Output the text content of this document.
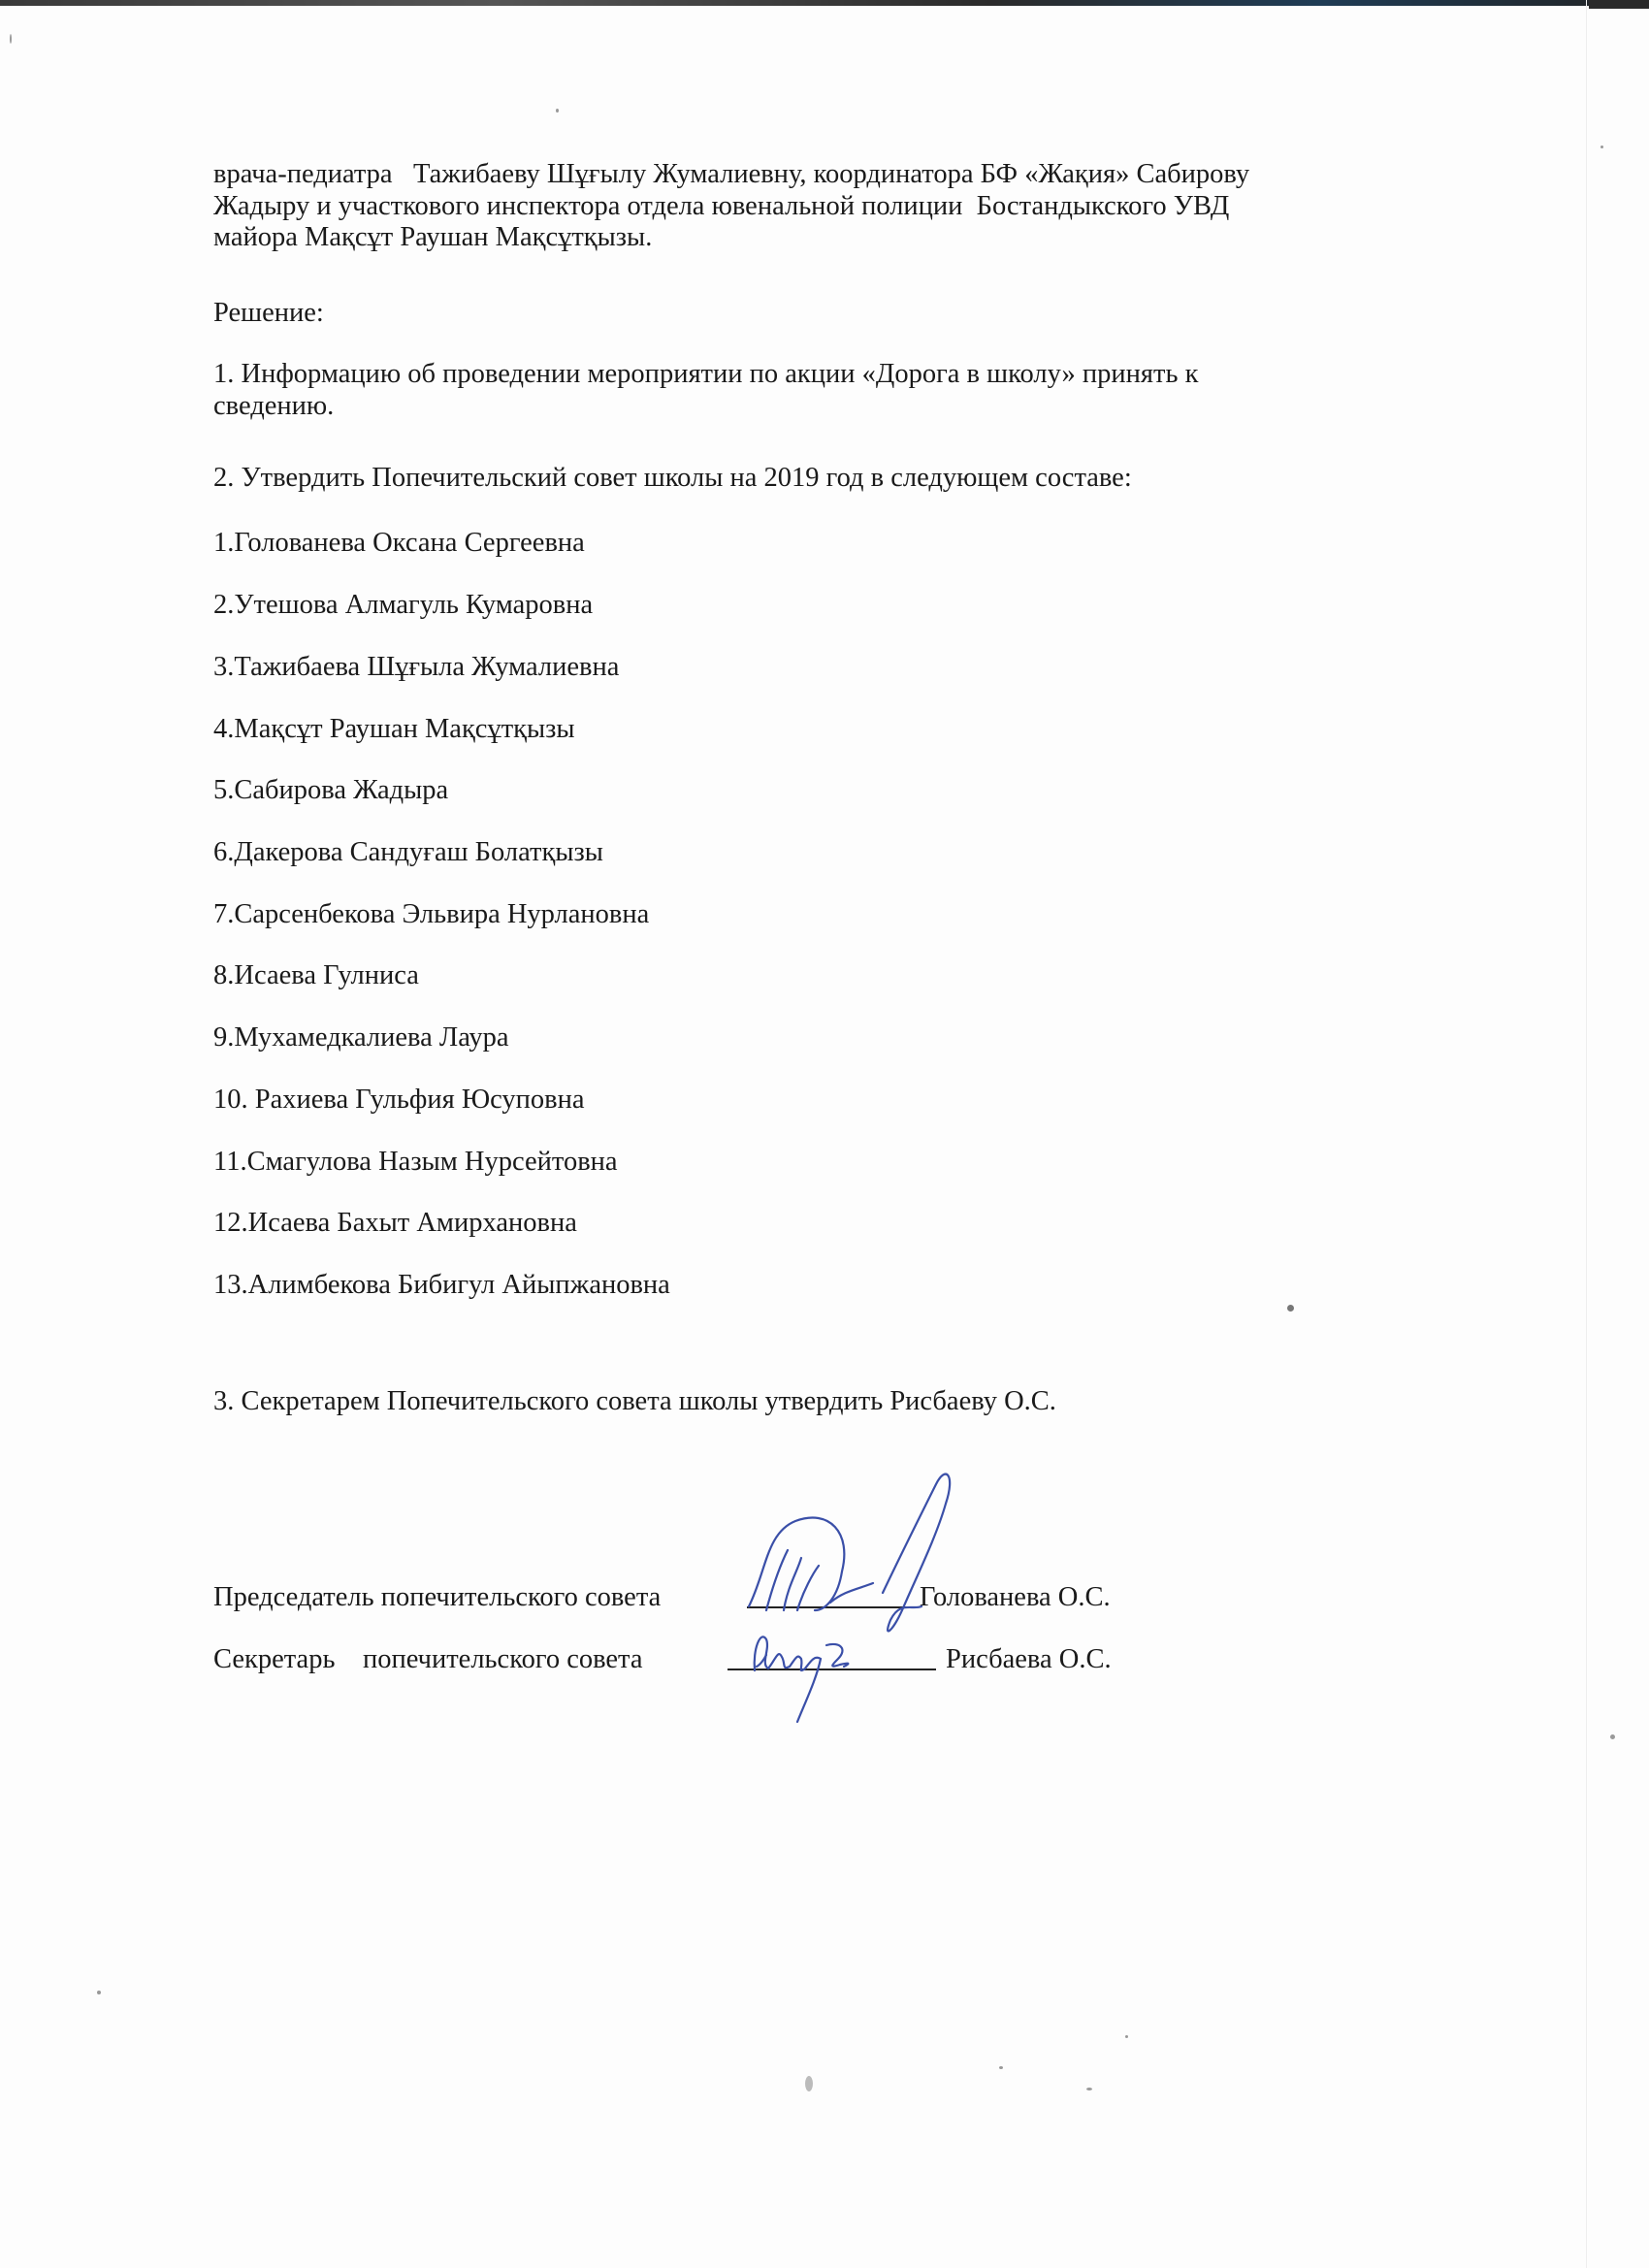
врача-педиатра   Тажибаеву Шұғылу Жумалиевну, координатора БФ «Жақия» Сабирову
Жадыру и участкового инспектора отдела ювенальной полиции  Бостандыкского УВД
майора Мақсұт Раушан Мақсұтқызы.
Решение:
1. Информацию об проведении мероприятии по акции «Дорога в школу» принять к
сведению.
2. Утвердить Попечительский совет школы на 2019 год в следующем составе:
1.Голованева Оксана Сергеевна
2.Утешова Алмагуль Кумаровна
3.Тажибаева Шұғыла Жумалиевна
4.Мақсұт Раушан Мақсұтқызы
5.Сабирова Жадыра
6.Дакерова Сандуғаш Болатқызы
7.Сарсенбекова Эльвира Нурлановна
8.Исаева Гулниса
9.Мухамедкалиева Лаура
10. Рахиева Гульфия Юсуповна
11.Смагулова Назым Нурсейтовна
12.Исаева Бахыт Амирхановна
13.Алимбекова Бибигул Айыпжановна
3. Секретарем Попечительского совета школы утвердить Рисбаеву О.С.
Председатель попечительского совета	Голованева О.С.
Секретарь    попечительского совета	Рисбаева О.С.
